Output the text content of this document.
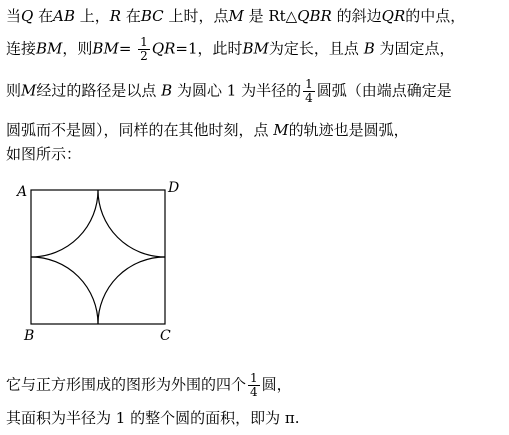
当Q 在AB 上，R 在BC 上时，点M 是 Rt△QBR 的斜边QR的中点，
连接BM，则$BM= \frac{1}{2} QR=1$，此时BM为定长，且点 B 为固定点，
则M经过的路径是以点 B 为圆心 1 为半径的 $\frac{1}{4}$ 圆弧（由端点确定是
圆弧而不是圆），同样的在其他时刻，点 M的轨迹也是圆弧，
如图所示：
A	D
B	C
它与正方形围成的图形为外围的四个 $\frac{1}{4}$ 圆，
其面积为半径为 1 的整个圆的面积，即为 π.
